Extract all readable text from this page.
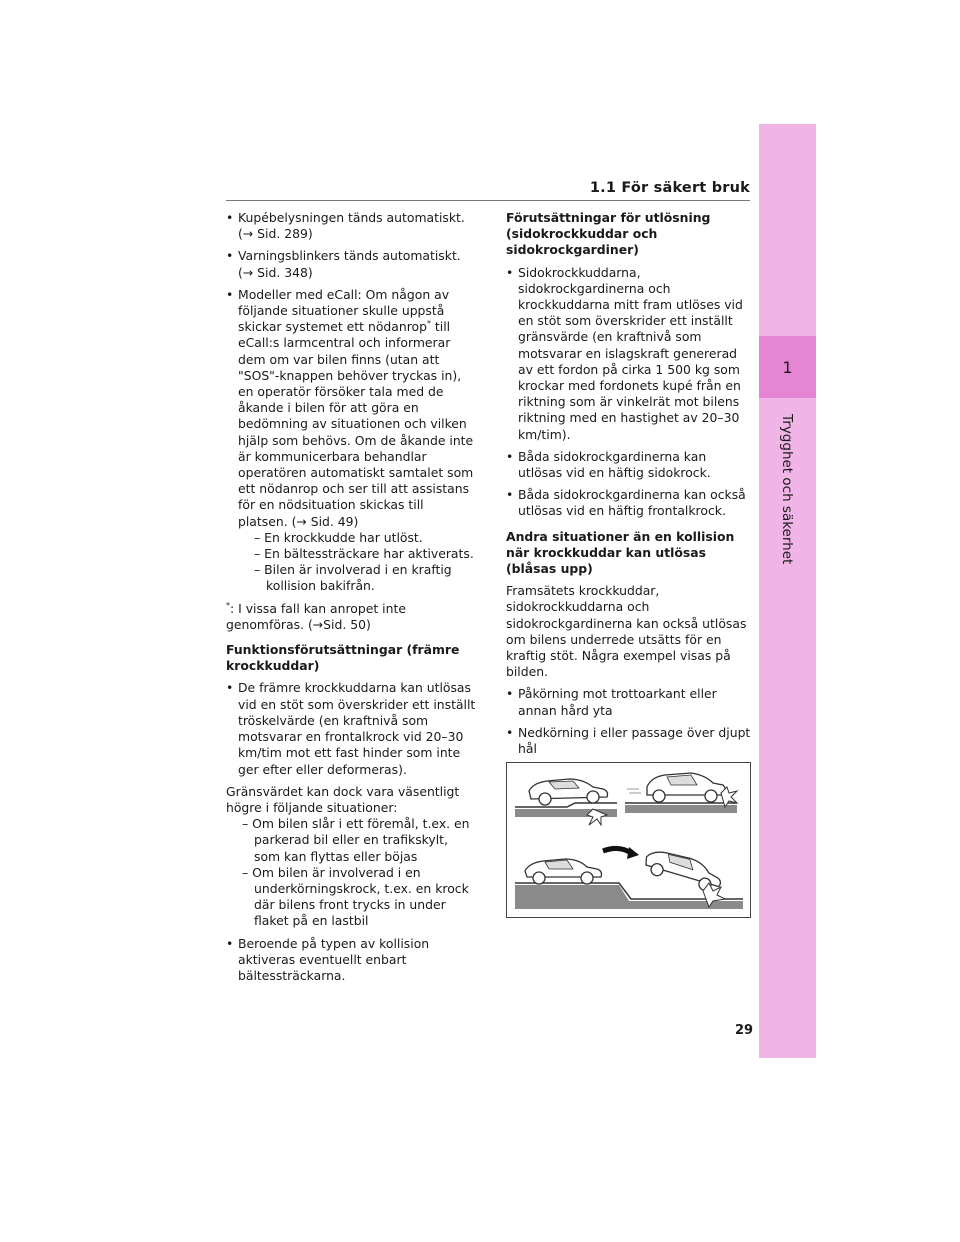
1.1 För säkert bruk
1
Trygghet och säkerhet
• Kupébelysningen tänds automatiskt. (→ Sid. 289)
• Varningsblinkers tänds automatiskt. (→ Sid. 348)
• Modeller med eCall: Om någon av följande situationer skulle uppstå skickar systemet ett nödanrop* till eCall:s larmcentral och informerar dem om var bilen finns (utan att "SOS"-knappen behöver tryckas in), en operatör försöker tala med de åkande i bilen för att göra en bedömning av situationen och vilken hjälp som behövs. Om de åkande inte är kommunicerbara behandlar operatören automatiskt samtalet som ett nödanrop och ser till att assistans för en nödsituation skickas till platsen. (→ Sid. 49)
– En krockkudde har utlöst.
– En bältessträckare har aktiverats.
– Bilen är involverad i en kraftig kollision bakifrån.
*: I vissa fall kan anropet inte genomföras. (→Sid. 50)
Funktionsförutsättningar (främre krockkuddar)
• De främre krockkuddarna kan utlösas vid en stöt som överskrider ett inställt tröskelvärde (en kraftnivå som motsvarar en frontalkrock vid 20–30 km/tim mot ett fast hinder som inte ger efter eller deformeras).
Gränsvärdet kan dock vara väsentligt högre i följande situationer:
– Om bilen slår i ett föremål, t.ex. en parkerad bil eller en trafikskylt, som kan flyttas eller böjas
– Om bilen är involverad i en underkörningskrock, t.ex. en krock där bilens front trycks in under flaket på en lastbil
• Beroende på typen av kollision aktiveras eventuellt enbart bältessträckarna.
Förutsättningar för utlösning (sidokrockkuddar och sidokrockgardiner)
• Sidokrockkuddarna, sidokrockgardinerna och krockkuddarna mitt fram utlöses vid en stöt som överskrider ett inställt gränsvärde (en kraftnivå som motsvarar en islagskraft genererad av ett fordon på cirka 1 500 kg som krockar med fordonets kupé från en riktning som är vinkelrät mot bilens riktning med en hastighet av 20–30 km/tim).
• Båda sidokrockgardinerna kan utlösas vid en häftig sidokrock.
• Båda sidokrockgardinerna kan också utlösas vid en häftig frontalkrock.
Andra situationer än en kollision när krockkuddar kan utlösas (blåsas upp)
Framsätets krockkuddar, sidokrockkuddarna och sidokrockgardinerna kan också utlösas om bilens underrede utsätts för en kraftig stöt. Några exempel visas på bilden.
• Påkörning mot trottoarkant eller annan hård yta
• Nedkörning i eller passage över djupt hål
•
29
